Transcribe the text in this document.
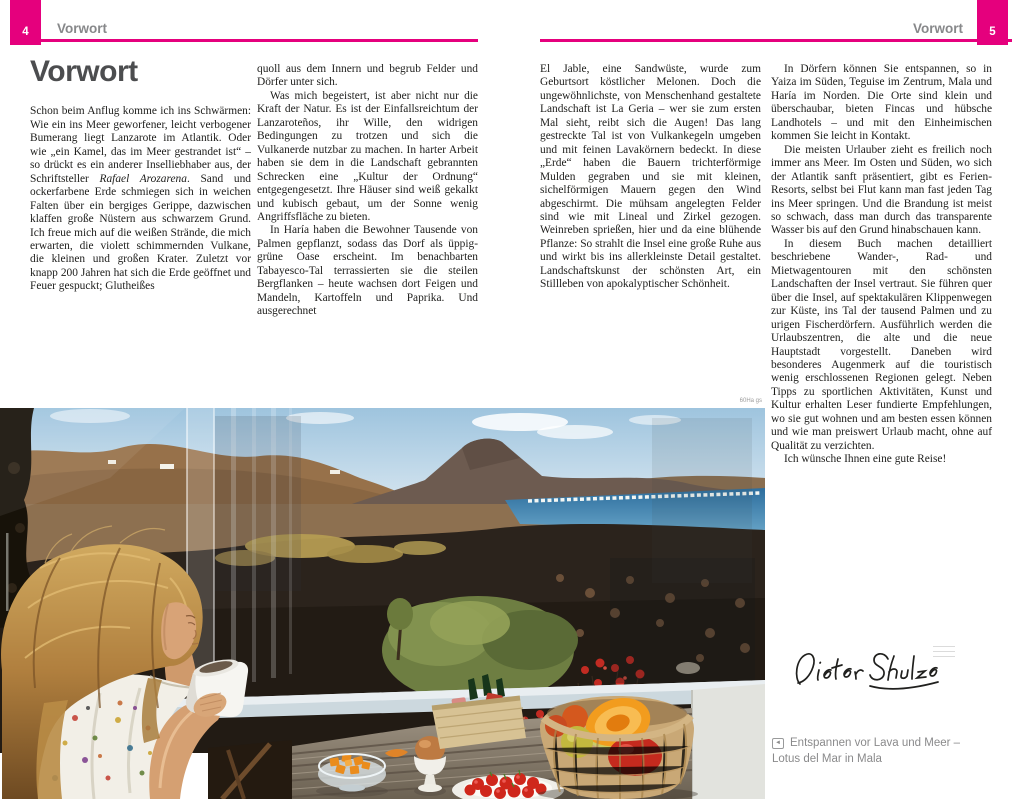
4 Vorwort	5
Vorwort
Vorwort

Schon beim Anflug komme ich ins Schwärmen: Wie ein ins Meer geworfener, leicht verbogener Bumerang liegt Lanzarote im Atlantik. Oder wie „ein Kamel, das im Meer gestrandet ist“ – so drückt es ein anderer Inselliebhaber aus, der Schriftsteller Rafael Arozarena. Sand und ockerfarbene Erde schmiegen sich in weichen Falten über ein bergiges Gerippe, dazwischen klaffen große Nüstern aus schwarzem Grund. Ich freue mich auf die weißen Strände, die mich erwarten, die violett schimmernden Vulkane, die kleinen und großen Krater. Zuletzt vor knapp 200 Jahren hat sich die Erde geöffnet und Feuer gespuckt; Glutheißes

quoll aus dem Innern und begrub Felder und Dörfer unter sich.

Was mich begeistert, ist aber nicht nur die Kraft der Natur. Es ist der Einfallsreichtum der Lanzaroteños, ihr Wille, den widrigen Bedingungen zu trotzen und sich die Vulkanerde nutzbar zu machen. In harter Arbeit haben sie dem in die Landschaft gebrannten Schrecken eine „Kultur der Ordnung“ entgegengesetzt. Ihre Häuser sind weiß gekalkt und kubisch gebaut, um der Sonne wenig Angriffsfläche zu bieten.

In Haría haben die Bewohner Tausende von Palmen gepflanzt, sodass das Dorf als üppig-grüne Oase erscheint. Im benachbarten Tabayesco-Tal terrassierten sie die steilen Bergflanken – heute wachsen dort Feigen und Mandeln, Kartoffeln und Paprika. Und ausgerechnet

El Jable, eine Sandwüste, wurde zum Geburtsort köstlicher Melonen. Doch die ungewöhnlichste, von Menschenhand gestaltete Landschaft ist La Geria – wer sie zum ersten Mal sieht, reibt sich die Augen! Das lang gestreckte Tal ist von Vulkankegeln umgeben und mit feinen Lavakörnern bedeckt. In diese „Erde“ haben die Bauern trichterförmige Mulden gegraben und sie mit kleinen, sichelförmigen Mauern gegen den Wind abgeschirmt. Die mühsam angelegten Felder sind wie mit Lineal und Zirkel gezogen. Weinreben sprießen, hier und da eine blühende Pflanze: So strahlt die Insel eine große Ruhe aus und wirkt bis ins allerkleinste Detail gestaltet. Landschaftskunst der schönsten Art, ein Stillleben von apokalyptischer Schönheit.

In Dörfern können Sie entspannen, so in Yaiza im Süden, Teguise im Zentrum, Mala und Haría im Norden. Die Orte sind klein und überschaubar, bieten Fincas und hübsche Landhotels – und mit den Einheimischen kommen Sie leicht in Kontakt.

Die meisten Urlauber zieht es freilich noch immer ans Meer. Im Osten und Süden, wo sich der Atlantik sanft präsentiert, gibt es Ferien-Resorts, selbst bei Flut kann man fast jeden Tag ins Meer springen. Und die Brandung ist meist so schwach, dass man durch das transparente Wasser bis auf den Grund hinabschauen kann.

In diesem Buch machen detailliert beschriebene Wander-, Rad- und Mietwagentouren mit den schönsten Landschaften der Insel vertraut. Sie führen quer über die Insel, auf spektakulären Klippenwegen zur Küste, ins Tal der tausend Palmen und zu urigen Fischerdörfern. Ausführlich werden die Urlaubszentren, die alte und die neue Hauptstadt vorgestellt. Daneben wird besonderes Augenmerk auf die touristisch wenig erschlossenen Regionen gelegt. Neben Tipps zu sportlichen Aktivitäten, Kunst und Kultur erhalten Leser fundierte Empfehlungen, wo sie gut wohnen und am besten essen können und wie man preiswert Urlaub macht, ohne auf Qualität zu verzichten.

Ich wünsche Ihnen eine gute Reise!

60Ha gs
◄ Entspannen vor Lava und Meer –
Lotus del Mar in Mala
